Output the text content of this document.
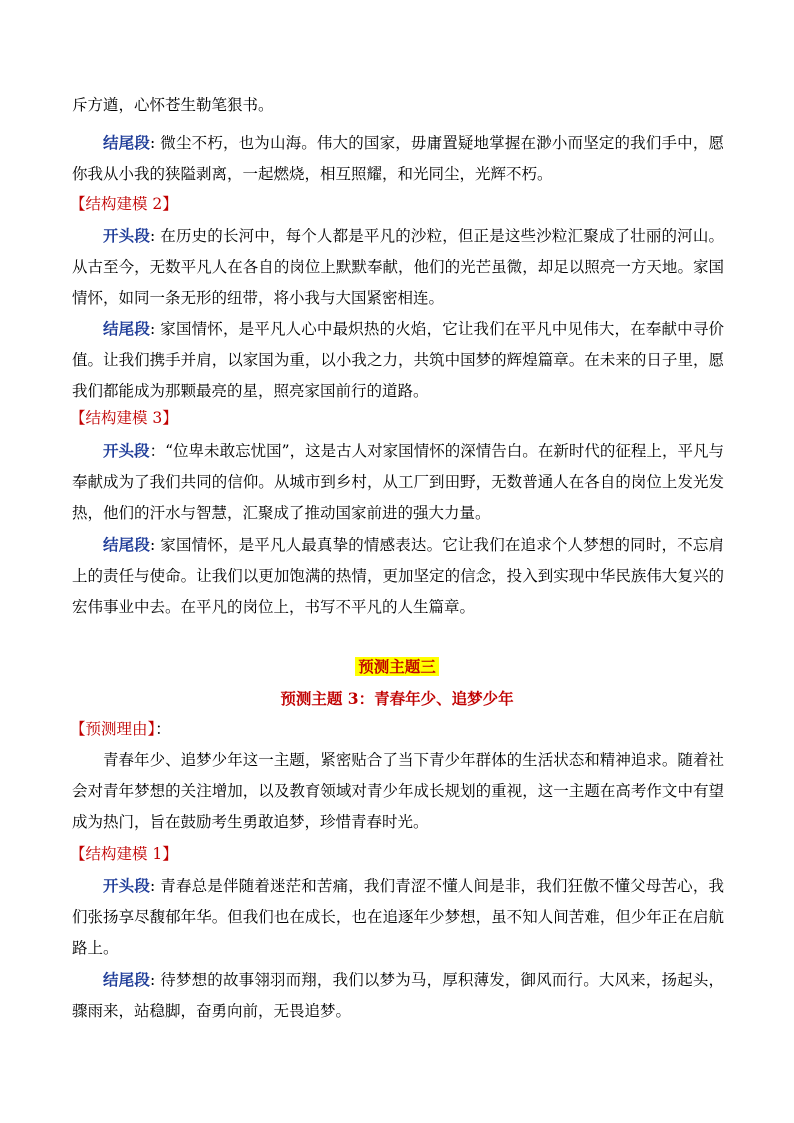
斥方遒，心怀苍生勒笔狠书。

结尾段: 微尘不朽，也为山海。伟大的国家，毋庸置疑地掌握在渺小而坚定的我们手中，愿你我从小我的狭隘剥离，一起燃烧，相互照耀，和光同尘，光辉不朽。

【结构建模 2】

开头段: 在历史的长河中，每个人都是平凡的沙粒，但正是这些沙粒汇聚成了壮丽的河山。从古至今，无数平凡人在各自的岗位上默默奉献，他们的光芒虽微，却足以照亮一方天地。家国情怀，如同一条无形的纽带，将小我与大国紧密相连。

结尾段: 家国情怀，是平凡人心中最炽热的火焰，它让我们在平凡中见伟大，在奉献中寻价值。让我们携手并肩，以家国为重，以小我之力，共筑中国梦的辉煌篇章。在未来的日子里，愿我们都能成为那颗最亮的星，照亮家国前行的道路。

【结构建模 3】

开头段：“位卑未敢忘忧国”，这是古人对家国情怀的深情告白。在新时代的征程上，平凡与奉献成为了我们共同的信仰。从城市到乡村，从工厂到田野，无数普通人在各自的岗位上发光发热，他们的汗水与智慧，汇聚成了推动国家前进的强大力量。

结尾段: 家国情怀，是平凡人最真挚的情感表达。它让我们在追求个人梦想的同时，不忘肩上的责任与使命。让我们以更加饱满的热情，更加坚定的信念，投入到实现中华民族伟大复兴的宏伟事业中去。在平凡的岗位上，书写不平凡的人生篇章。

预测主题三

预测主题 3：青春年少、追梦少年

【预测理由】：

青春年少、追梦少年这一主题，紧密贴合了当下青少年群体的生活状态和精神追求。随着社会对青年梦想的关注增加，以及教育领域对青少年成长规划的重视，这一主题在高考作文中有望成为热门，旨在鼓励考生勇敢追梦，珍惜青春时光。

【结构建模 1】

开头段: 青春总是伴随着迷茫和苦痛，我们青涩不懂人间是非，我们狂傲不懂父母苦心，我们张扬享尽馥郁年华。但我们也在成长，也在追逐年少梦想，虽不知人间苦难，但少年正在启航路上。

结尾段: 待梦想的故事翎羽而翔，我们以梦为马，厚积薄发，御风而行。大风来，扬起头，骤雨来，站稳脚，奋勇向前，无畏追梦。
